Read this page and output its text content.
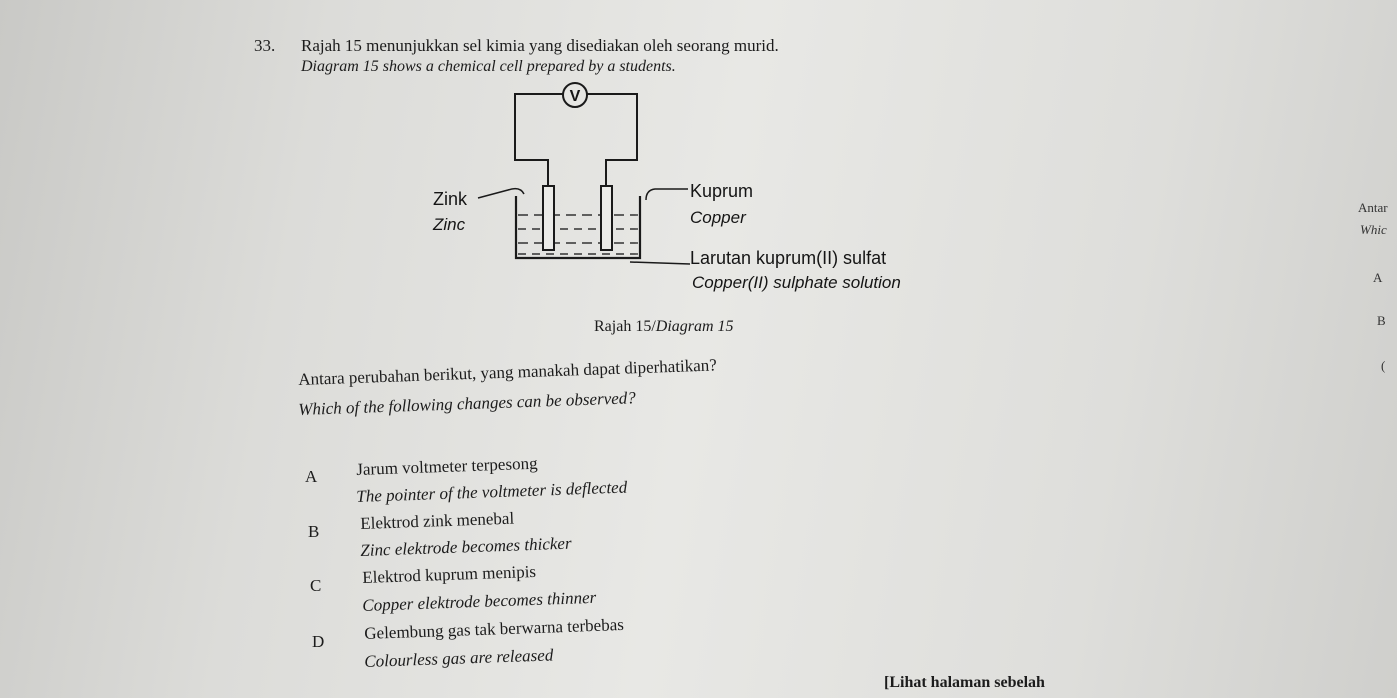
33. Rajah 15 menunjukkan sel kimia yang disediakan oleh seorang murid.
Diagram 15 shows a chemical cell prepared by a students.
V
Zink
Zinc
Kuprum
Copper
Larutan kuprum(II) sulfat
Copper(II) sulphate solution
Rajah 15/Diagram 15
Antara perubahan berikut, yang manakah dapat diperhatikan?
Which of the following changes can be observed?
A Jarum voltmeter terpesong
The pointer of the voltmeter is deflected
B Elektrod zink menebal
Zinc elektrode becomes thicker
C Elektrod kuprum menipis
Copper elektrode becomes thinner
D Gelembung gas tak berwarna terbebas
Colourless gas are released
Antar
Whic
A
B
(
[Lihat halaman sebelah
